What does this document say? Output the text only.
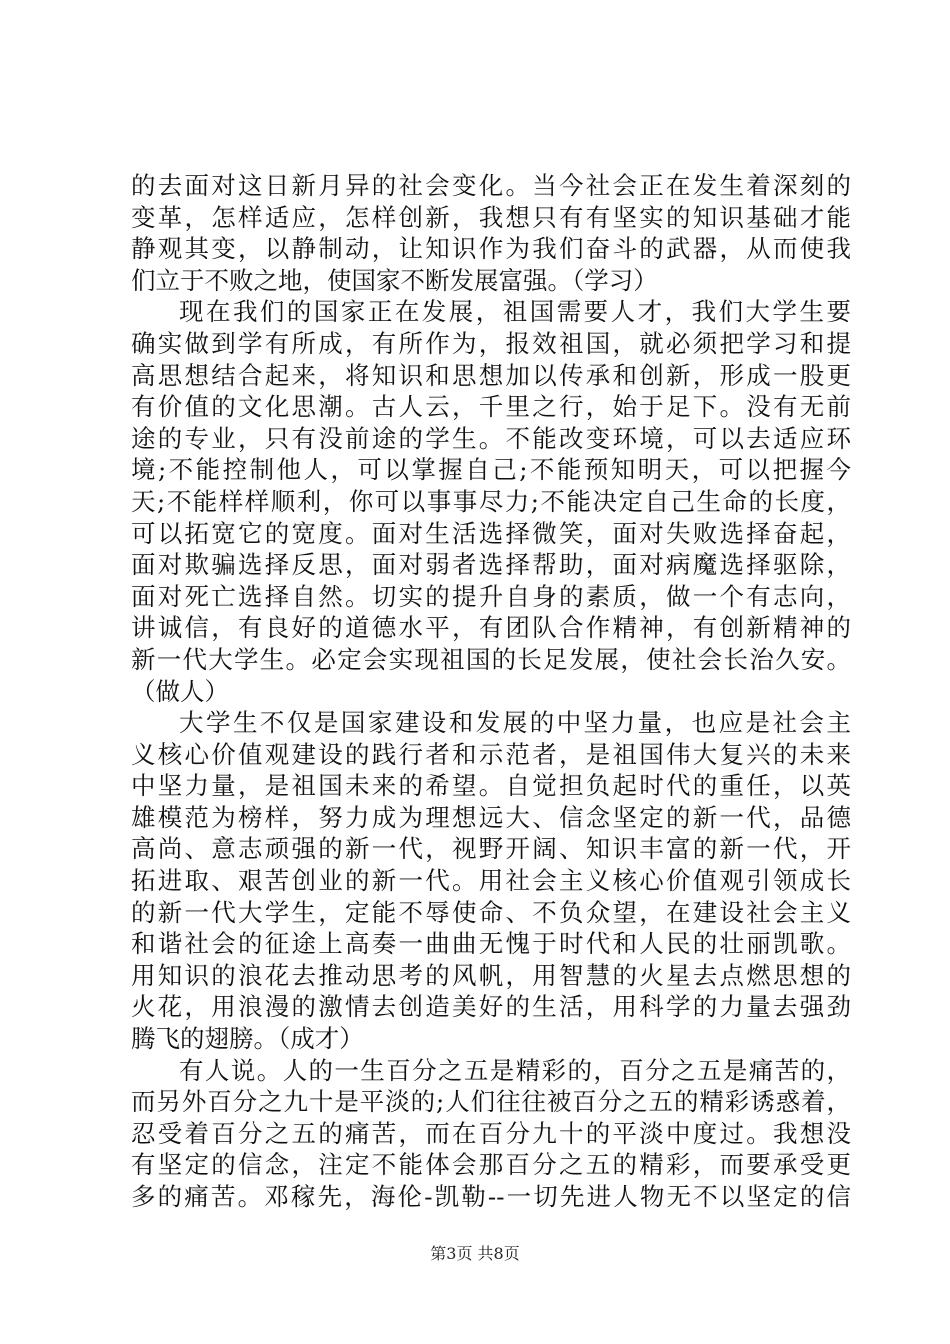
的去面对这日新月异的社会变化。当今社会正在发生着深刻的
变革，怎样适应，怎样创新，我想只有有坚实的知识基础才能
静观其变，以静制动，让知识作为我们奋斗的武器，从而使我
们立于不败之地，使国家不断发展富强。（学习）
现在我们的国家正在发展，祖国需要人才，我们大学生要
确实做到学有所成，有所作为，报效祖国，就必须把学习和提
高思想结合起来，将知识和思想加以传承和创新，形成一股更
有价值的文化思潮。古人云，千里之行，始于足下。没有无前
途的专业，只有没前途的学生。不能改变环境，可以去适应环
境;不能控制他人，可以掌握自己;不能预知明天，可以把握今
天;不能样样顺利，你可以事事尽力;不能决定自己生命的长度，
可以拓宽它的宽度。面对生活选择微笑，面对失败选择奋起，
面对欺骗选择反思，面对弱者选择帮助，面对病魔选择驱除，
面对死亡选择自然。切实的提升自身的素质，做一个有志向，
讲诚信，有良好的道德水平，有团队合作精神，有创新精神的
新一代大学生。必定会实现祖国的长足发展，使社会长治久安。
（做人）
大学生不仅是国家建设和发展的中坚力量，也应是社会主
义核心价值观建设的践行者和示范者，是祖国伟大复兴的未来
中坚力量，是祖国未来的希望。自觉担负起时代的重任，以英
雄模范为榜样，努力成为理想远大、信念坚定的新一代，品德
高尚、意志顽强的新一代，视野开阔、知识丰富的新一代，开
拓进取、艰苦创业的新一代。用社会主义核心价值观引领成长
的新一代大学生，定能不辱使命、不负众望，在建设社会主义
和谐社会的征途上高奏一曲曲无愧于时代和人民的壮丽凯歌。
用知识的浪花去推动思考的风帆，用智慧的火星去点燃思想的
火花，用浪漫的激情去创造美好的生活，用科学的力量去强劲
腾飞的翅膀。（成才）
有人说。人的一生百分之五是精彩的，百分之五是痛苦的，
而另外百分之九十是平淡的;人们往往被百分之五的精彩诱惑着，
忍受着百分之五的痛苦，而在百分九十的平淡中度过。我想没
有坚定的信念，注定不能体会那百分之五的精彩，而要承受更
多的痛苦。邓稼先，海伦-凯勒--一切先进人物无不以坚定的信
第3页 共8页
